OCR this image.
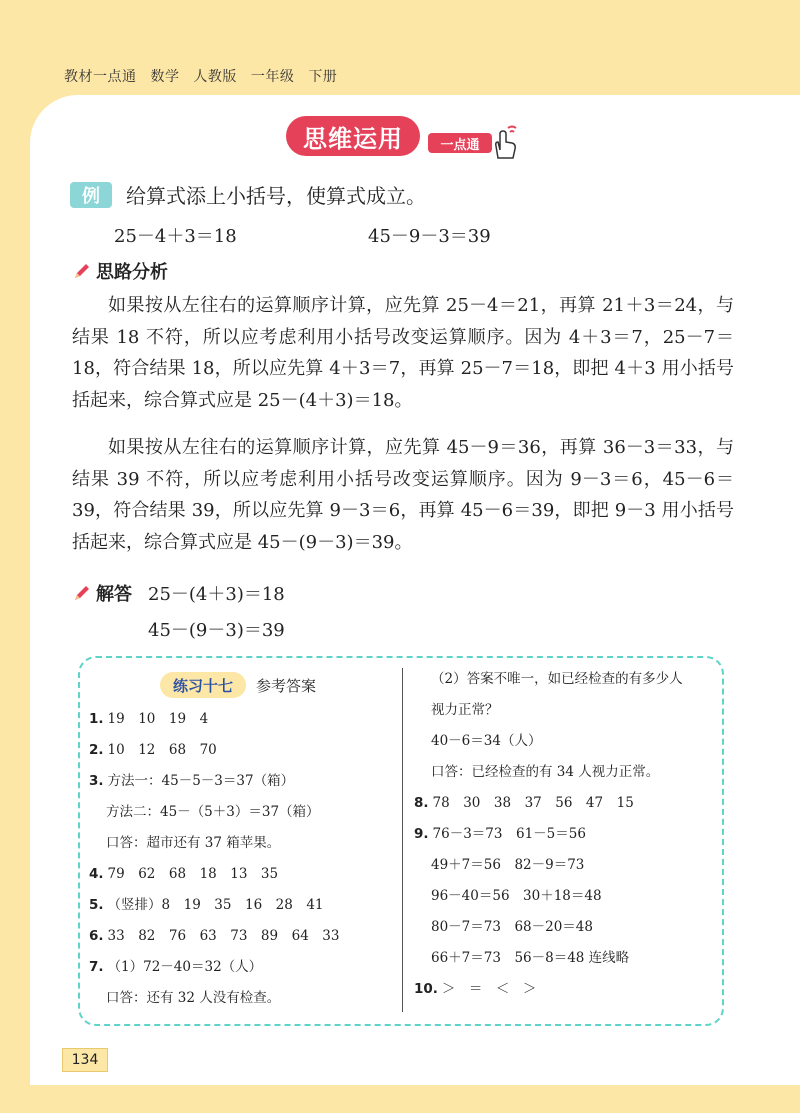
教材一点通 数学 人教版 一年级 下册
思维运用	一点通
例	给算式添上小括号，使算式成立。
25－4＋3＝18	45－9－3＝39
思路分析

如果按从左往右的运算顺序计算，应先算 25－4＝21，再算 21＋3＝24，与结果 18 不符，所以应考虑利用小括号改变运算顺序。因为 4＋3＝7，25－7＝18，符合结果 18，所以应先算 4＋3＝7，再算 25－7＝18，即把 4＋3 用小括号括起来，综合算式应是 25－(4＋3)＝18。

如果按从左往右的运算顺序计算，应先算 45－9＝36，再算 36－3＝33，与结果 39 不符，所以应考虑利用小括号改变运算顺序。因为 9－3＝6，45－6＝39，符合结果 39，所以应先算 9－3＝6，再算 45－6＝39，即把 9－3 用小括号括起来，综合算式应是 45－(9－3)＝39。

解答 25－(4＋3)＝18
45－(9－3)＝39
练习十七	参考答案
1. 19　10　19　4
2. 10　12　68　70
3. 方法一：45－5－3＝37（箱）
方法二：45－（5＋3）＝37（箱）
口答：超市还有 37 箱苹果。
4. 79　62　68　18　13　35
5. （竖排）8　19　35　16　28　41
6. 33　82　76　63　73　89　64　33
7. （1）72－40＝32（人）
口答：还有 32 人没有检查。
（2）答案不唯一，如已经检查的有多少人
视力正常？
40－6＝34（人）
口答：已经检查的有 34 人视力正常。
8. 78　30　38　37　56　47　15
9. 76－3＝73　61－5＝56
49＋7＝56　82－9＝73
96－40＝56　30＋18＝48
80－7＝73　68－20＝48
66＋7＝73　56－8＝48 连线略
10. ＞　＝　＜　＞
134
